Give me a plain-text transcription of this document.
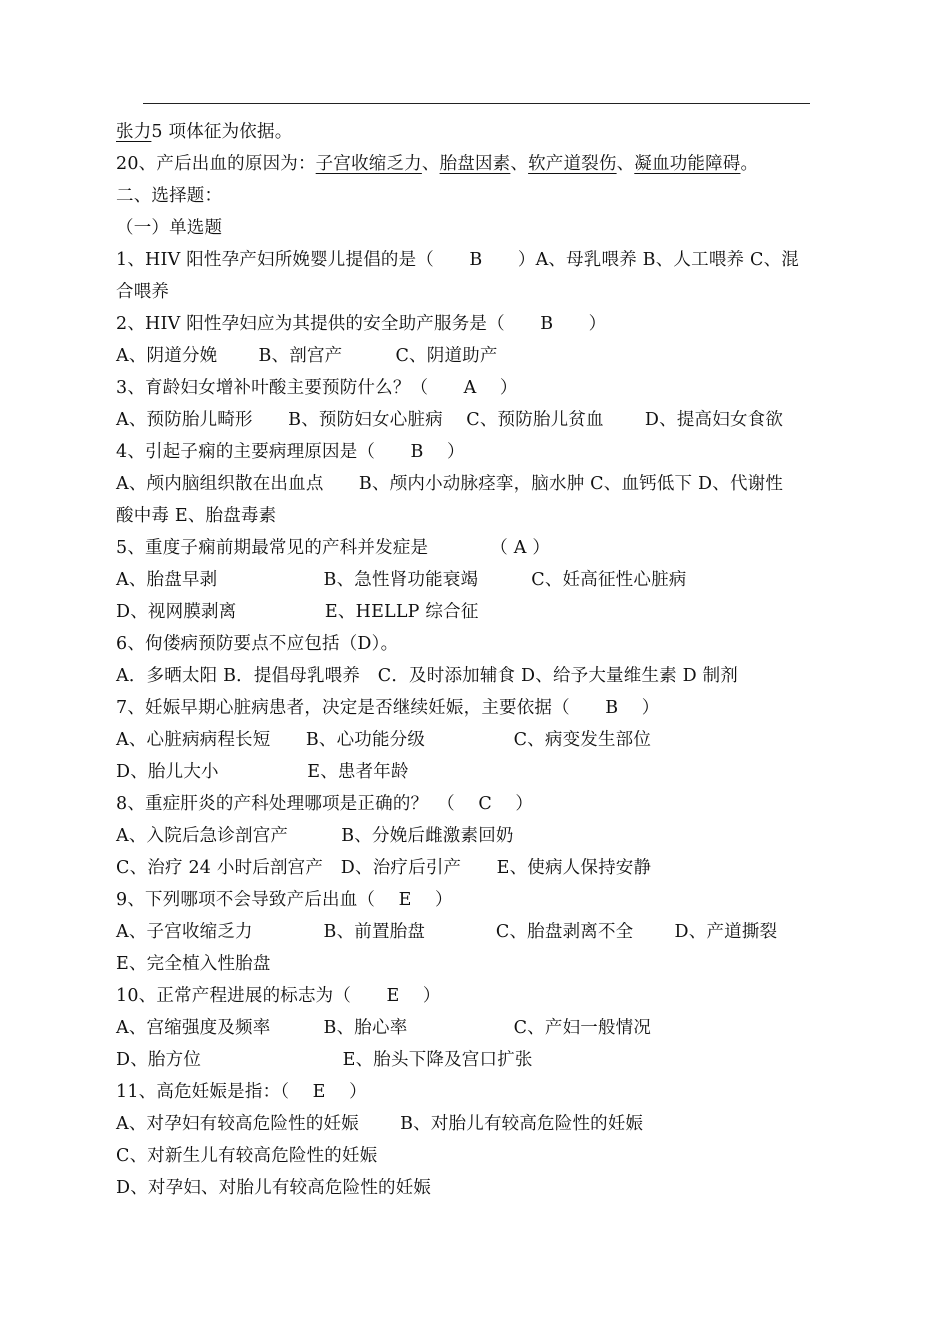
张力5 项体征为依据。
20、产后出血的原因为：子宫收缩乏力、胎盘因素、软产道裂伤、凝血功能障碍。
二、选择题：
（一）单选题
1、HIV 阳性孕产妇所娩婴儿提倡的是（　　B　　）A、母乳喂养 B、人工喂养 C、混
合喂养
2、HIV 阳性孕妇应为其提供的安全助产服务是（　　B　　）
A、阴道分娩　　 B、剖宫产　　　C、阴道助产
3、育龄妇女增补叶酸主要预防什么？（　　A　 ）
A、预防胎儿畸形　　B、预防妇女心脏病　 C、预防胎儿贫血　　 D、提高妇女食欲
4、引起子痫的主要病理原因是（　　B　 ）
A、颅内脑组织散在出血点　　B、颅内小动脉痉挛，脑水肿 C、血钙低下 D、代谢性
酸中毒 E、胎盘毒素
5、重度子痫前期最常见的产科并发症是　　　　（ A ）
A、胎盘早剥　　　　　　B、急性肾功能衰竭　　　C、妊高征性心脏病
D、视网膜剥离　　　　　E、HELLP 综合征
6、佝偻病预防要点不应包括（D）。
A．多晒太阳 B．提倡母乳喂养　C．及时添加辅食 D、给予大量维生素 D 制剂
7、妊娠早期心脏病患者，决定是否继续妊娠，主要依据（　　B　 ）
A、心脏病病程长短　　B、心功能分级　　　　　C、病变发生部位
D、胎儿大小　　　　　E、患者年龄
8、重症肝炎的产科处理哪项是正确的？　（　 C　 ）
A、入院后急诊剖宫产　　　B、分娩后雌激素回奶
C、治疗 24 小时后剖宫产　D、治疗后引产　　E、使病人保持安静
9、下列哪项不会导致产后出血（　 E　 ）
A、子宫收缩乏力　　　　B、前置胎盘　　　　C、胎盘剥离不全　　 D、产道撕裂
E、完全植入性胎盘
10、正常产程进展的标志为（　　E　 ）
A、宫缩强度及频率　　　B、胎心率　　　　　　C、产妇一般情况
D、胎方位　　　　　　　　E、胎头下降及宫口扩张
11、高危妊娠是指：（　 E　 ）
A、对孕妇有较高危险性的妊娠　　 B、对胎儿有较高危险性的妊娠
C、对新生儿有较高危险性的妊娠
D、对孕妇、对胎儿有较高危险性的妊娠
